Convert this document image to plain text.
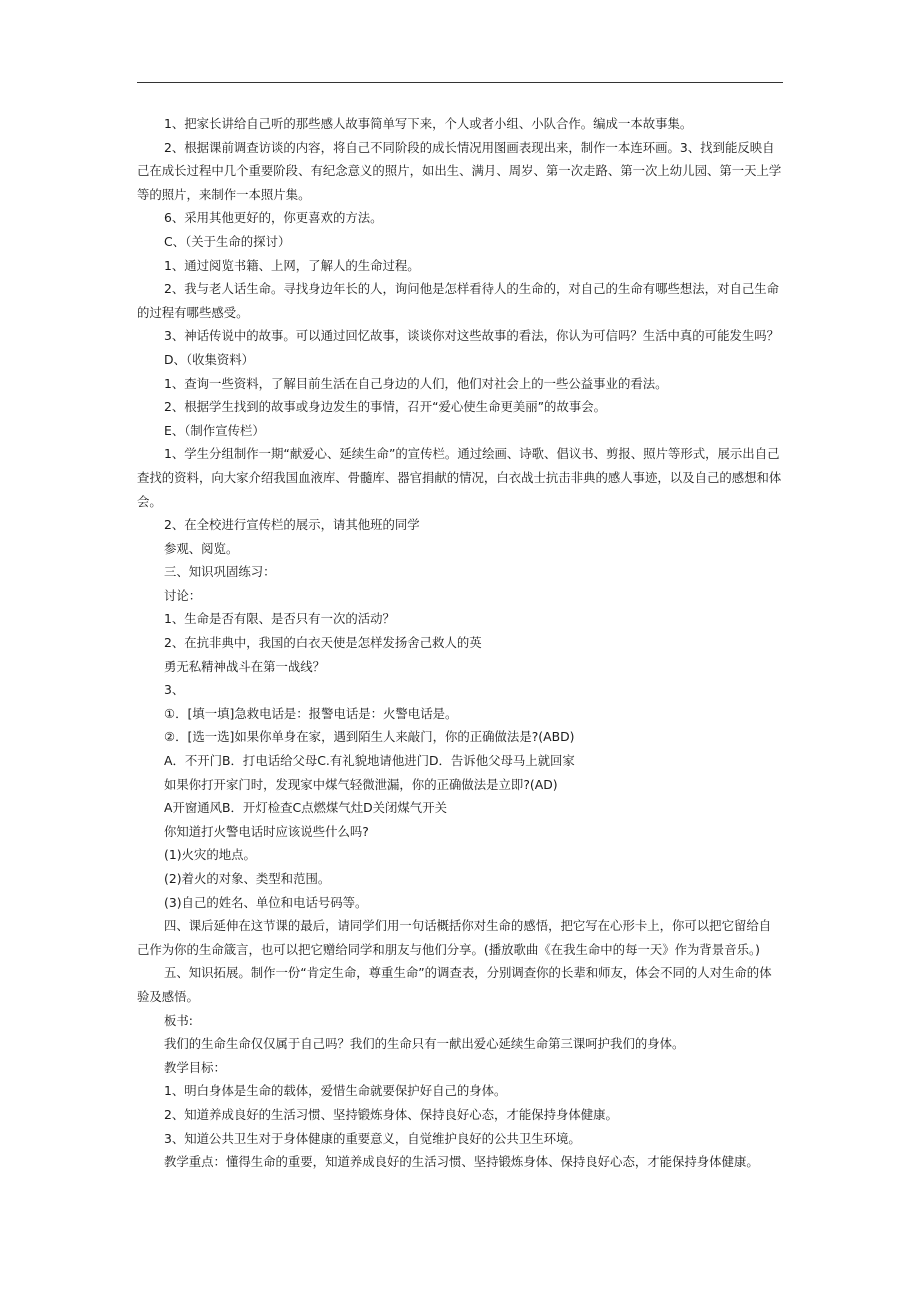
1、把家长讲给自己听的那些感人故事简单写下来，个人或者小组、小队合作。编成一本故事集。

2、根据课前调查访谈的内容，将自己不同阶段的成长情况用图画表现出来，制作一本连环画。3、找到能反映自己在成长过程中几个重要阶段、有纪念意义的照片，如出生、满月、周岁、第一次走路、第一次上幼儿园、第一天上学等的照片，来制作一本照片集。

6、采用其他更好的，你更喜欢的方法。

C、（关于生命的探讨）

1、通过阅览书籍、上网，了解人的生命过程。

2、我与老人话生命。寻找身边年长的人，询问他是怎样看待人的生命的，对自己的生命有哪些想法，对自己生命的过程有哪些感受。

3、神话传说中的故事。可以通过回忆故事，谈谈你对这些故事的看法，你认为可信吗？生活中真的可能发生吗？

D、（收集资料）

1、查询一些资料，了解目前生活在自己身边的人们，他们对社会上的一些公益事业的看法。

2、根据学生找到的故事或身边发生的事情，召开“爱心使生命更美丽”的故事会。

E、（制作宣传栏）

1、学生分组制作一期“献爱心、延续生命”的宣传栏。通过绘画、诗歌、倡议书、剪报、照片等形式，展示出自己查找的资料，向大家介绍我国血液库、骨髓库、器官捐献的情况，白衣战士抗击非典的感人事迹，以及自己的感想和体会。

2、在全校进行宣传栏的展示，请其他班的同学

参观、阅览。

三、知识巩固练习：

讨论：

1、生命是否有限、是否只有一次的活动？

2、在抗非典中，我国的白衣天使是怎样发扬舍己救人的英

勇无私精神战斗在第一战线？

3、

①．[填一填]急救电话是：报警电话是：火警电话是。

②．[选一选]如果你单身在家，遇到陌生人来敲门，你的正确做法是?(ABD)

A．不开门B．打电话给父母C.有礼貌地请他进门D．告诉他父母马上就回家

如果你打开家门时，发现家中煤气轻微泄漏，你的正确做法是立即?(AD)

A开窗通风B．开灯检查C点燃煤气灶D关闭煤气开关

你知道打火警电话时应该说些什么吗?

(1)火灾的地点。

(2)着火的对象、类型和范围。

(3)自己的姓名、单位和电话号码等。

四、课后延伸在这节课的最后，请同学们用一句话概括你对生命的感悟，把它写在心形卡上，你可以把它留给自己作为你的生命箴言，也可以把它赠给同学和朋友与他们分享。(播放歌曲《在我生命中的每一天》作为背景音乐。)

五、知识拓展。制作一份“肯定生命，尊重生命”的调查表，分别调查你的长辈和师友，体会不同的人对生命的体验及感悟。

板书:

我们的生命生命仅仅属于自己吗？我们的生命只有一献出爱心延续生命第三课呵护我们的身体。

教学目标：

1、明白身体是生命的载体，爱惜生命就要保护好自己的身体。

2、知道养成良好的生活习惯、坚持锻炼身体、保持良好心态，才能保持身体健康。

3、知道公共卫生对于身体健康的重要意义，自觉维护良好的公共卫生环境。

教学重点：懂得生命的重要，知道养成良好的生活习惯、坚持锻炼身体、保持良好心态，才能保持身体健康。
